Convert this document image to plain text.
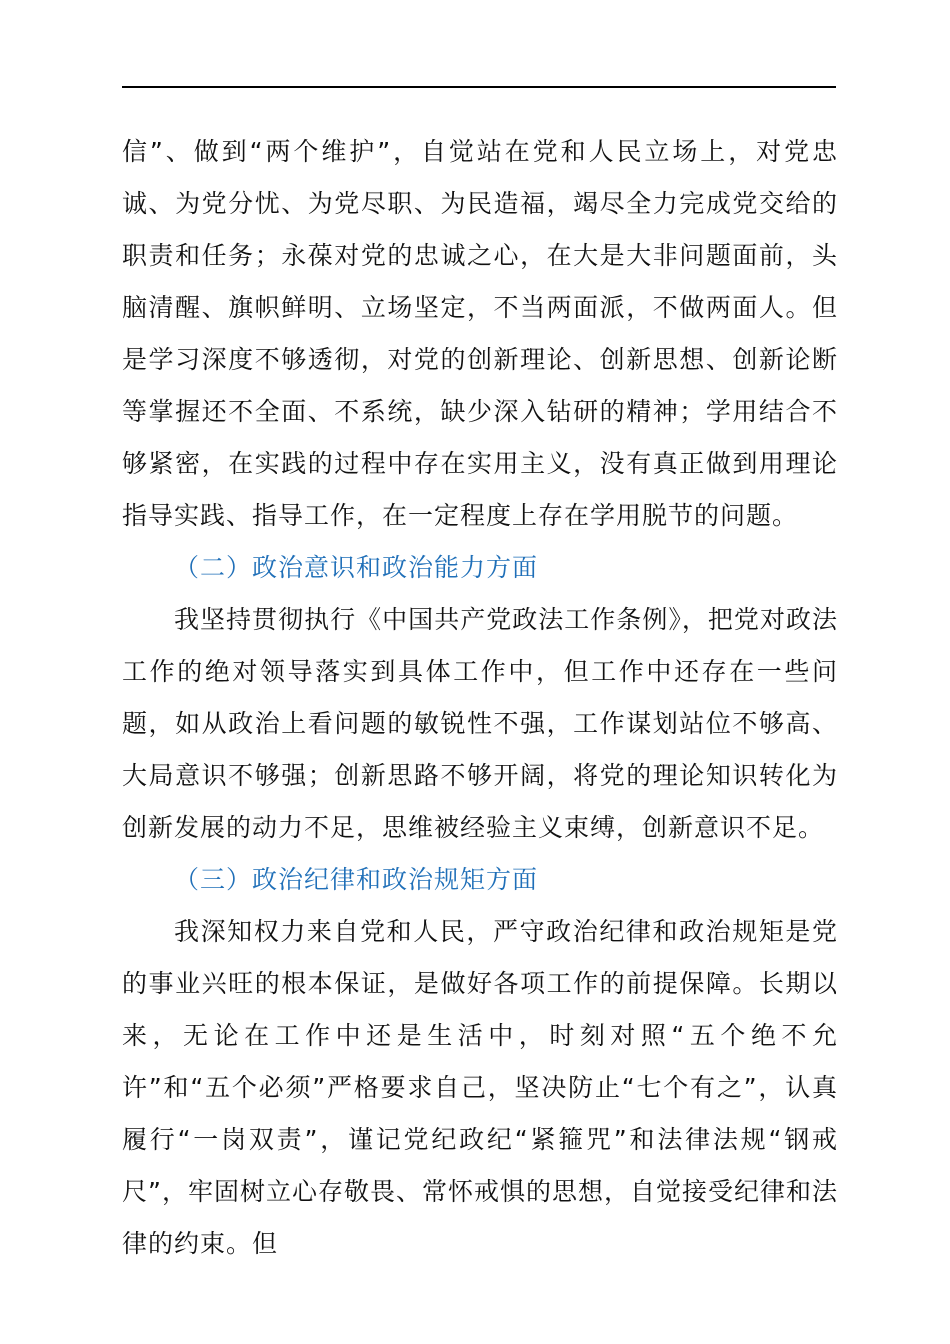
信”、做到“两个维护”，自觉站在党和人民立场上，对党忠诚、为党分忧、为党尽职、为民造福，竭尽全力完成党交给的职责和任务；永葆对党的忠诚之心，在大是大非问题面前，头脑清醒、旗帜鲜明、立场坚定，不当两面派，不做两面人。但是学习深度不够透彻，对党的创新理论、创新思想、创新论断等掌握还不全面、不系统，缺少深入钻研的精神；学用结合不够紧密，在实践的过程中存在实用主义，没有真正做到用理论指导实践、指导工作，在一定程度上存在学用脱节的问题。

（二）政治意识和政治能力方面

我坚持贯彻执行《中国共产党政法工作条例》，把党对政法工作的绝对领导落实到具体工作中，但工作中还存在一些问题，如从政治上看问题的敏锐性不强，工作谋划站位不够高、大局意识不够强；创新思路不够开阔，将党的理论知识转化为创新发展的动力不足，思维被经验主义束缚，创新意识不足。

（三）政治纪律和政治规矩方面

我深知权力来自党和人民，严守政治纪律和政治规矩是党的事业兴旺的根本保证，是做好各项工作的前提保障。长期以来，无论在工作中还是生活中，时刻对照“五个绝不允许”和“五个必须”严格要求自己，坚决防止“七个有之”，认真履行“一岗双责”，谨记党纪政纪“紧箍咒”和法律法规“钢戒尺”，牢固树立心存敬畏、常怀戒惧的思想，自觉接受纪律和法律的约束。但
